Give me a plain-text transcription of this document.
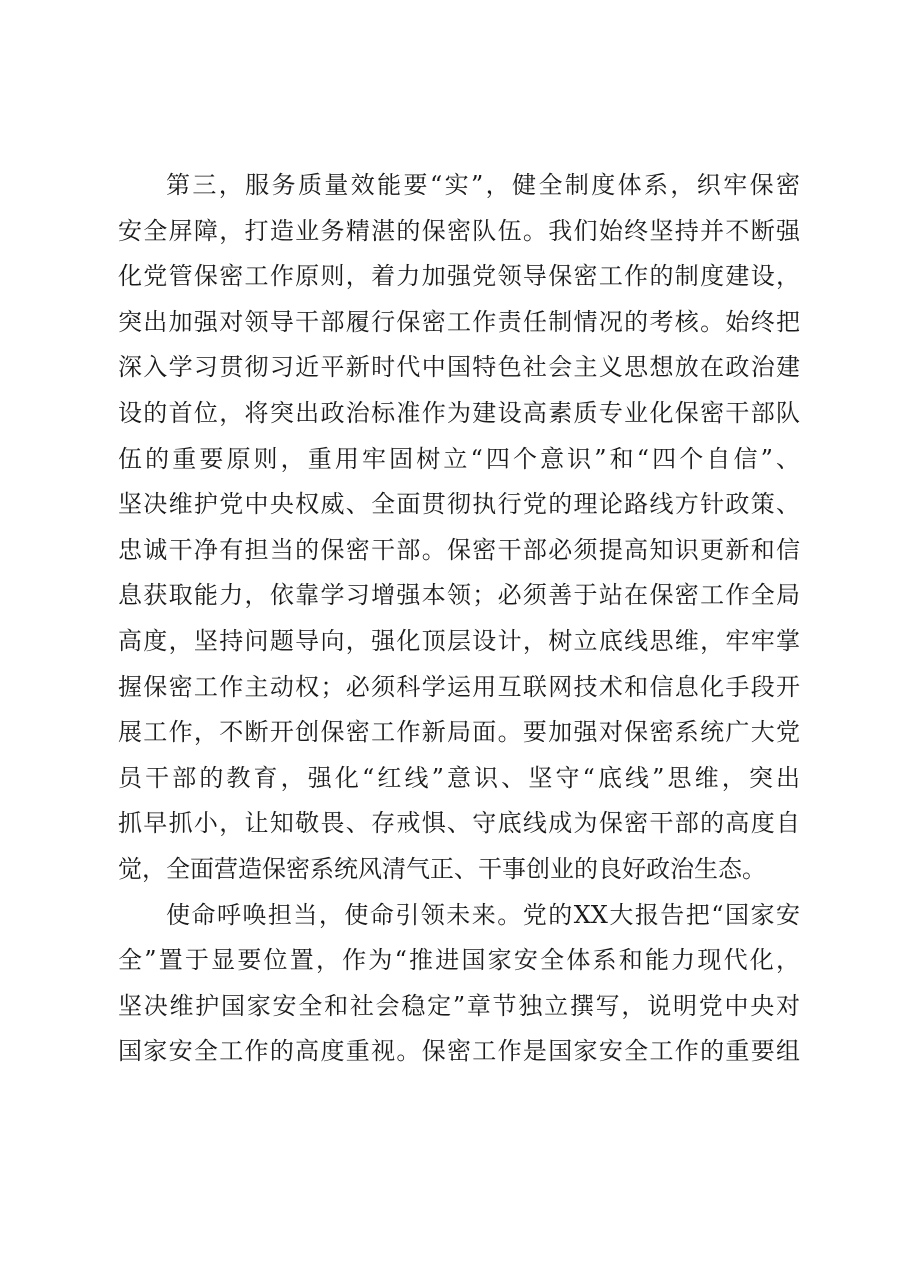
第三，服务质量效能要“实”，健全制度体系，织牢保密
安全屏障，打造业务精湛的保密队伍。我们始终坚持并不断强
化党管保密工作原则，着力加强党领导保密工作的制度建设，
突出加强对领导干部履行保密工作责任制情况的考核。始终把
深入学习贯彻习近平新时代中国特色社会主义思想放在政治建
设的首位，将突出政治标准作为建设高素质专业化保密干部队
伍的重要原则，重用牢固树立“四个意识”和“四个自信”、
坚决维护党中央权威、全面贯彻执行党的理论路线方针政策、
忠诚干净有担当的保密干部。保密干部必须提高知识更新和信
息获取能力，依靠学习增强本领；必须善于站在保密工作全局
高度，坚持问题导向，强化顶层设计，树立底线思维，牢牢掌
握保密工作主动权；必须科学运用互联网技术和信息化手段开
展工作，不断开创保密工作新局面。要加强对保密系统广大党
员干部的教育，强化“红线”意识、坚守“底线”思维，突出
抓早抓小，让知敬畏、存戒惧、守底线成为保密干部的高度自
觉，全面营造保密系统风清气正、干事创业的良好政治生态。
使命呼唤担当，使命引领未来。党的XX大报告把“国家安
全”置于显要位置，作为“推进国家安全体系和能力现代化，
坚决维护国家安全和社会稳定”章节独立撰写，说明党中央对
国家安全工作的高度重视。保密工作是国家安全工作的重要组
